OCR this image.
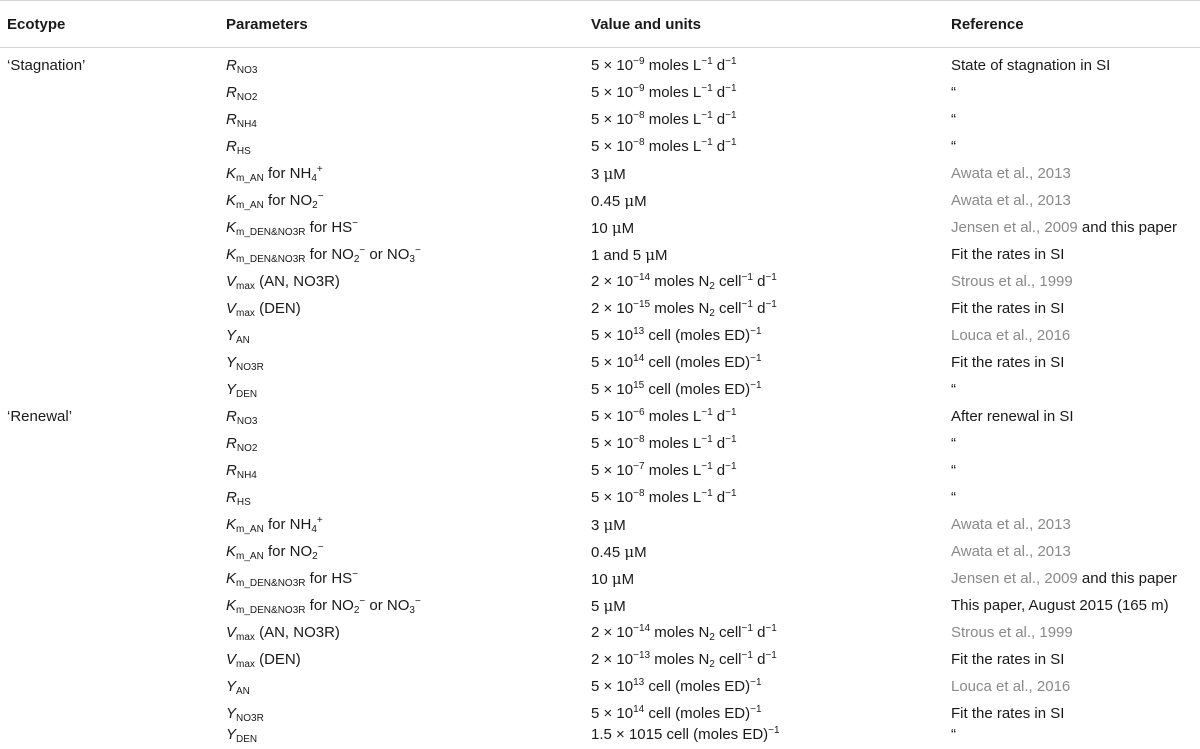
Ecotype	Parameters	Value and units	Reference
‘Stagnation’	$R_{NO3}$	$5 \times 10^{-9}$ moles $L^{-1}$ $d^{-1}$	State of stagnation in SI
$R_{NO2}$	$5 \times 10^{-9}$ moles $L^{-1}$ $d^{-1}$	“
$R_{NH4}$	$5 \times 10^{-8}$ moles $L^{-1}$ $d^{-1}$	“
$R_{HS}$	$5 \times 10^{-8}$ moles $L^{-1}$ $d^{-1}$	“
$K_{m\_AN}$ for $NH_4^+$	3 μM	Awata et al., 2013
$K_{m\_AN}$ for $NO_2^-$	0.45 μM	Awata et al., 2013
$K_{m\_DEN\&NO3R}$ for HS−	10 μM	Jensen et al., 2009 and this paper
$K_{m\_DEN\&NO3R}$ for $NO_2^-$ or $NO_3^-$	1 and 5 μM	Fit the rates in SI
$V_{max}$ (AN, NO3R)	$2 \times 10^{-14}$ moles $N_2$ cell$^{-1}$ $d^{-1}$	Strous et al., 1999
$V_{max}$ (DEN)	$2 \times 10^{-15}$ moles $N_2$ cell$^{-1}$ $d^{-1}$	Fit the rates in SI
$Y_{AN}$	$5 \times 10^{13}$ cell (moles ED)$^{-1}$	Louca et al., 2016
$Y_{NO3R}$	$5 \times 10^{14}$ cell (moles ED)$^{-1}$	Fit the rates in SI
$Y_{DEN}$	$5 \times 10^{15}$ cell (moles ED)$^{-1}$	“
‘Renewal’	$R_{NO3}$	$5 \times 10^{-6}$ moles $L^{-1}$ $d^{-1}$	After renewal in SI
$R_{NO2}$	$5 \times 10^{-8}$ moles $L^{-1}$ $d^{-1}$	“
$R_{NH4}$	$5 \times 10^{-7}$ moles $L^{-1}$ $d^{-1}$	“
$R_{HS}$	$5 \times 10^{-8}$ moles $L^{-1}$ $d^{-1}$	“
$K_{m\_AN}$ for $NH_4^+$	3 μM	Awata et al., 2013
$K_{m\_AN}$ for $NO_2^-$	0.45 μM	Awata et al., 2013
$K_{m\_DEN\&NO3R}$ for HS−	10 μM	Jensen et al., 2009 and this paper
$K_{m\_DEN\&NO3R}$ for $NO_2^-$ or $NO_3^-$	5 μM	This paper, August 2015 (165 m)
$V_{max}$ (AN, NO3R)	$2 \times 10^{-14}$ moles $N_2$ cell$^{-1}$ $d^{-1}$	Strous et al., 1999
$V_{max}$ (DEN)	$2 \times 10^{-13}$ moles $N_2$ cell$^{-1}$ $d^{-1}$	Fit the rates in SI
$Y_{AN}$	$5 \times 10^{13}$ cell (moles ED)$^{-1}$	Louca et al., 2016
$Y_{NO3R}$	$5 \times 10^{14}$ cell (moles ED)$^{-1}$	Fit the rates in SI
$Y_{DEN}$	1.5 × 1015 cell (moles ED)$^{-1}$	“
